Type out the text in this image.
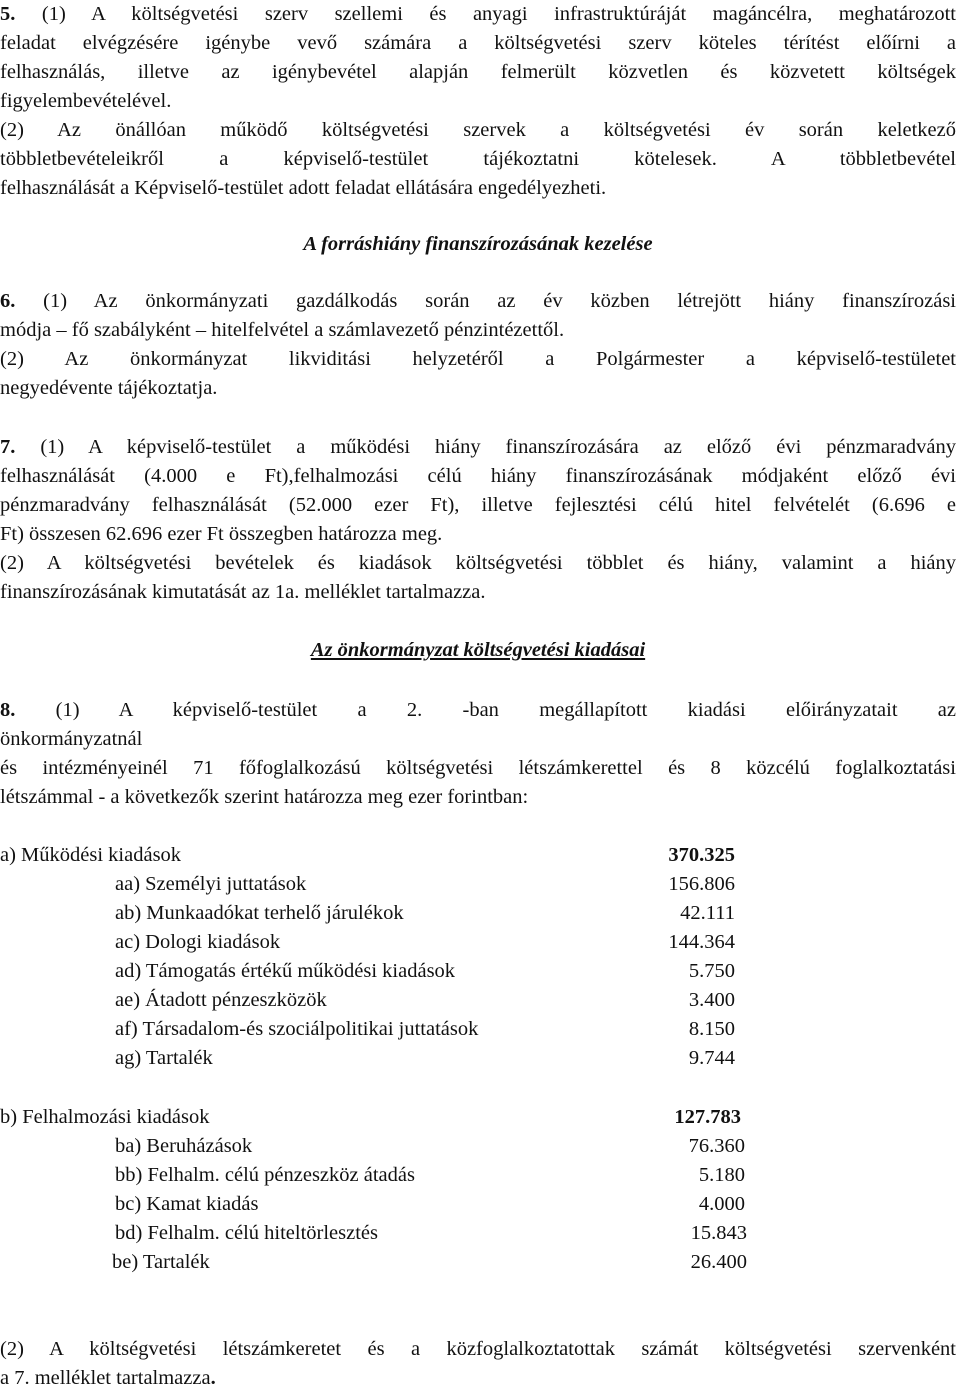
5. (1) A költségvetési szerv szellemi és anyagi infrastruktúráját magáncélra, meghatározott
feladat elvégzésére igénybe vevő számára a költségvetési szerv köteles térítést előírni a
felhasználás, illetve az igénybevétel alapján felmerült közvetlen és közvetett költségek
figyelembevételével.
(2) Az önállóan működő költségvetési szervek a költségvetési év során keletkező
többletbevételeikről a képviselő-testület tájékoztatni kötelesek. A többletbevétel
felhasználását a Képviselő-testület adott feladat ellátására engedélyezheti.
A forráshiány finanszírozásának kezelése
6. (1) Az önkormányzati gazdálkodás során az év közben létrejött hiány finanszírozási
módja – fő szabályként – hitelfelvétel a számlavezető pénzintézettől.
(2) Az önkormányzat likviditási helyzetéről a Polgármester a képviselő-testületet
negyedévente tájékoztatja.
7. (1) A képviselő-testület a működési hiány finanszírozására az előző évi pénzmaradvány
felhasználását (4.000 e Ft),felhalmozási célú hiány finanszírozásának módjaként előző évi
pénzmaradvány felhasználását (52.000 ezer Ft), illetve fejlesztési célú hitel felvételét (6.696 e
Ft) összesen 62.696 ezer Ft összegben határozza meg.
(2) A költségvetési bevételek és kiadások költségvetési többlet és hiány, valamint a hiány
finanszírozásának kimutatását az 1a. melléklet tartalmazza.
Az önkormányzat költségvetési kiadásai
8. (1) A képviselő-testület a 2. -ban megállapított kiadási előirányzatait az
önkormányzatnál
és intézményeinél 71 főfoglalkozású költségvetési létszámkerettel és 8 közcélú foglalkoztatási
létszámmal - a következők szerint határozza meg ezer forintban:
a) Működési kiadások	370.325
aa) Személyi juttatások	156.806
ab) Munkaadókat terhelő járulékok	42.111
ac) Dologi kiadások	144.364
ad) Támogatás értékű működési kiadások	5.750
ae) Átadott pénzeszközök	3.400
af) Társadalom-és szociálpolitikai juttatások	8.150
ag) Tartalék	9.744
b) Felhalmozási kiadások	127.783
ba) Beruházások	76.360
bb) Felhalm. célú pénzeszköz átadás	5.180
bc) Kamat kiadás	4.000
bd) Felhalm. célú hiteltörlesztés	15.843
be) Tartalék	26.400
(2) A költségvetési létszámkeretet és a közfoglalkoztatottak számát költségvetési szervenként
a 7. melléklet tartalmazza.
